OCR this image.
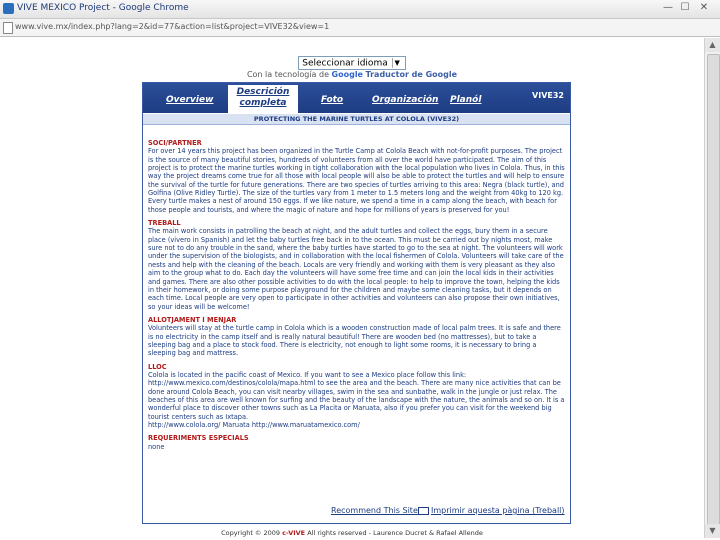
VIVE MEXICO Project - Google Chrome	— ☐	✕
www.vive.mx/index.php?lang=2&id=77&action=list&project=VIVE32&view=1
▲
▼
Seleccionar idioma ▼
Con la tecnología de Google Traductor de Google
Overview
Descrición completa	Foto	Organización Planól	VIVE32
PROTECTING THE MARINE TURTLES AT COLOLA (VIVE32)
SOCI/PARTNER

For over 14 years this project has been organized in the Turtle Camp at Colola Beach with not-for-profit purposes. The project is the source of many beautiful stories, hundreds of volunteers from all over the world have participated. The aim of this project is to protect the marine turtles working in tight collaboration with the local population who lives in Colola. Thus, in this way the project dreams come true for all those with local people will also be able to protect the turtles and will help to ensure the survival of the turtle for future generations. There are two species of turtles arriving to this area: Negra (black turtle), and Golfina (Olive Ridley Turtle). The size of the turtles vary from 1 meter to 1.5 meters long and the weight from 40kg to 120 kg. Every turtle makes a nest of around 150 eggs. If we like nature, we spend a time in a camp along the beach, with beach for those people and tourists, and where the magic of nature and hope for millions of years is preserved for you!

TREBALL

The main work consists in patrolling the beach at night, and the adult turtles and collect the eggs, bury them in a secure place (vivero in Spanish) and let the baby turtles free back in to the ocean. This must be carried out by nights most, make sure not to do any trouble in the sand, where the baby turtles have started to go to the sea at night. The volunteers will work under the supervision of the biologists, and in collaboration with the local fishermen of Colola. Volunteers will take care of the nests and help with the cleaning of the beach. Locals are very friendly and working with them is very pleasant as they also aim to the group what to do. Each day the volunteers will have some free time and can join the local kids in their activities and games. There are also other possible activities to do with the local people: to help to improve the town, helping the kids in their homework, or doing some purpose playground for the children and maybe some cleaning tasks, but it depends on each time. Local people are very open to participate in other activities and volunteers can also propose their own initiatives, so your ideas will be welcome!

ALLOTJAMENT I MENJAR

Volunteers will stay at the turtle camp in Colola which is a wooden construction made of local palm trees. It is safe and there is no electricity in the camp itself and is really natural beautiful! There are wooden bed (no mattresses), but to take a sleeping bag and a place to stock food. There is electricity, not enough to light some rooms, it is necessary to bring a sleeping bag and mattress.

LLOC

Colola is located in the pacific coast of Mexico. If you want to see a Mexico place follow this link:

http://www.mexico.com/destinos/colola/mapa.html to see the area and the beach. There are many nice activities that can be done around Colola Beach, you can visit nearby villages, swim in the sea and sunbathe, walk in the jungle or just relax. The beaches of this area are well known for surfing and the beauty of the landscape with the nature, the animals and so on. It is a wonderful place to discover other towns such as La Placita or Maruata, also if you prefer you can visit for the weekend big tourist centers such as Ixtapa.

http://www.colola.org/ Maruata http://www.maruatamexico.com/

REQUERIMENTS ESPECIALS

none

Recommend This Site	Imprimir aquesta pàgina (Treball)
Copyright © 2009 c-VIVE All rights reserved - Laurence Ducret & Rafael Allende
